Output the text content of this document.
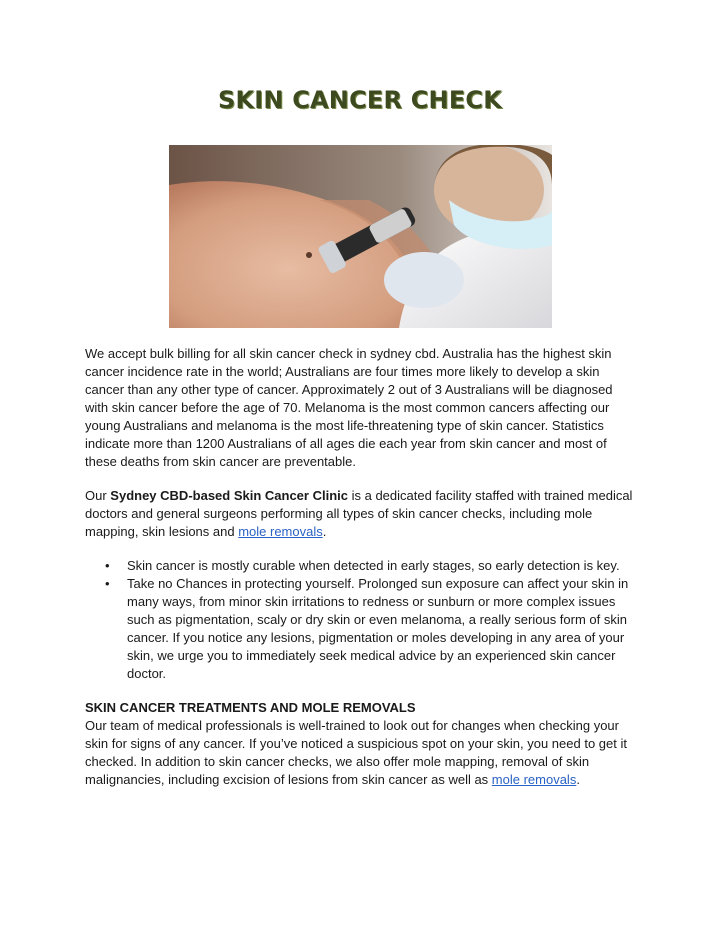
SKIN CANCER CHECK

We accept bulk billing for all skin cancer check in sydney cbd. Australia has the highest skin cancer incidence rate in the world; Australians are four times more likely to develop a skin cancer than any other type of cancer. Approximately 2 out of 3 Australians will be diagnosed with skin cancer before the age of 70. Melanoma is the most common cancers affecting our young Australians and melanoma is the most life-threatening type of skin cancer. Statistics indicate more than 1200 Australians of all ages die each year from skin cancer and most of these deaths from skin cancer are preventable.

Our Sydney CBD-based Skin Cancer Clinic is a dedicated facility staffed with trained medical doctors and general surgeons performing all types of skin cancer checks, including mole mapping, skin lesions and mole removals.

• Skin cancer is mostly curable when detected in early stages, so early detection is key.
• Take no Chances in protecting yourself. Prolonged sun exposure can affect your skin in many ways, from minor skin irritations to redness or sunburn or more complex issues such as pigmentation, scaly or dry skin or even melanoma, a really serious form of skin cancer. If you notice any lesions, pigmentation or moles developing in any area of your skin, we urge you to immediately seek medical advice by an experienced skin cancer doctor.

SKIN CANCER TREATMENTS AND MOLE REMOVALS

Our team of medical professionals is well-trained to look out for changes when checking your skin for signs of any cancer. If you’ve noticed a suspicious spot on your skin, you need to get it checked. In addition to skin cancer checks, we also offer mole mapping, removal of skin malignancies, including excision of lesions from skin cancer as well as mole removals.
